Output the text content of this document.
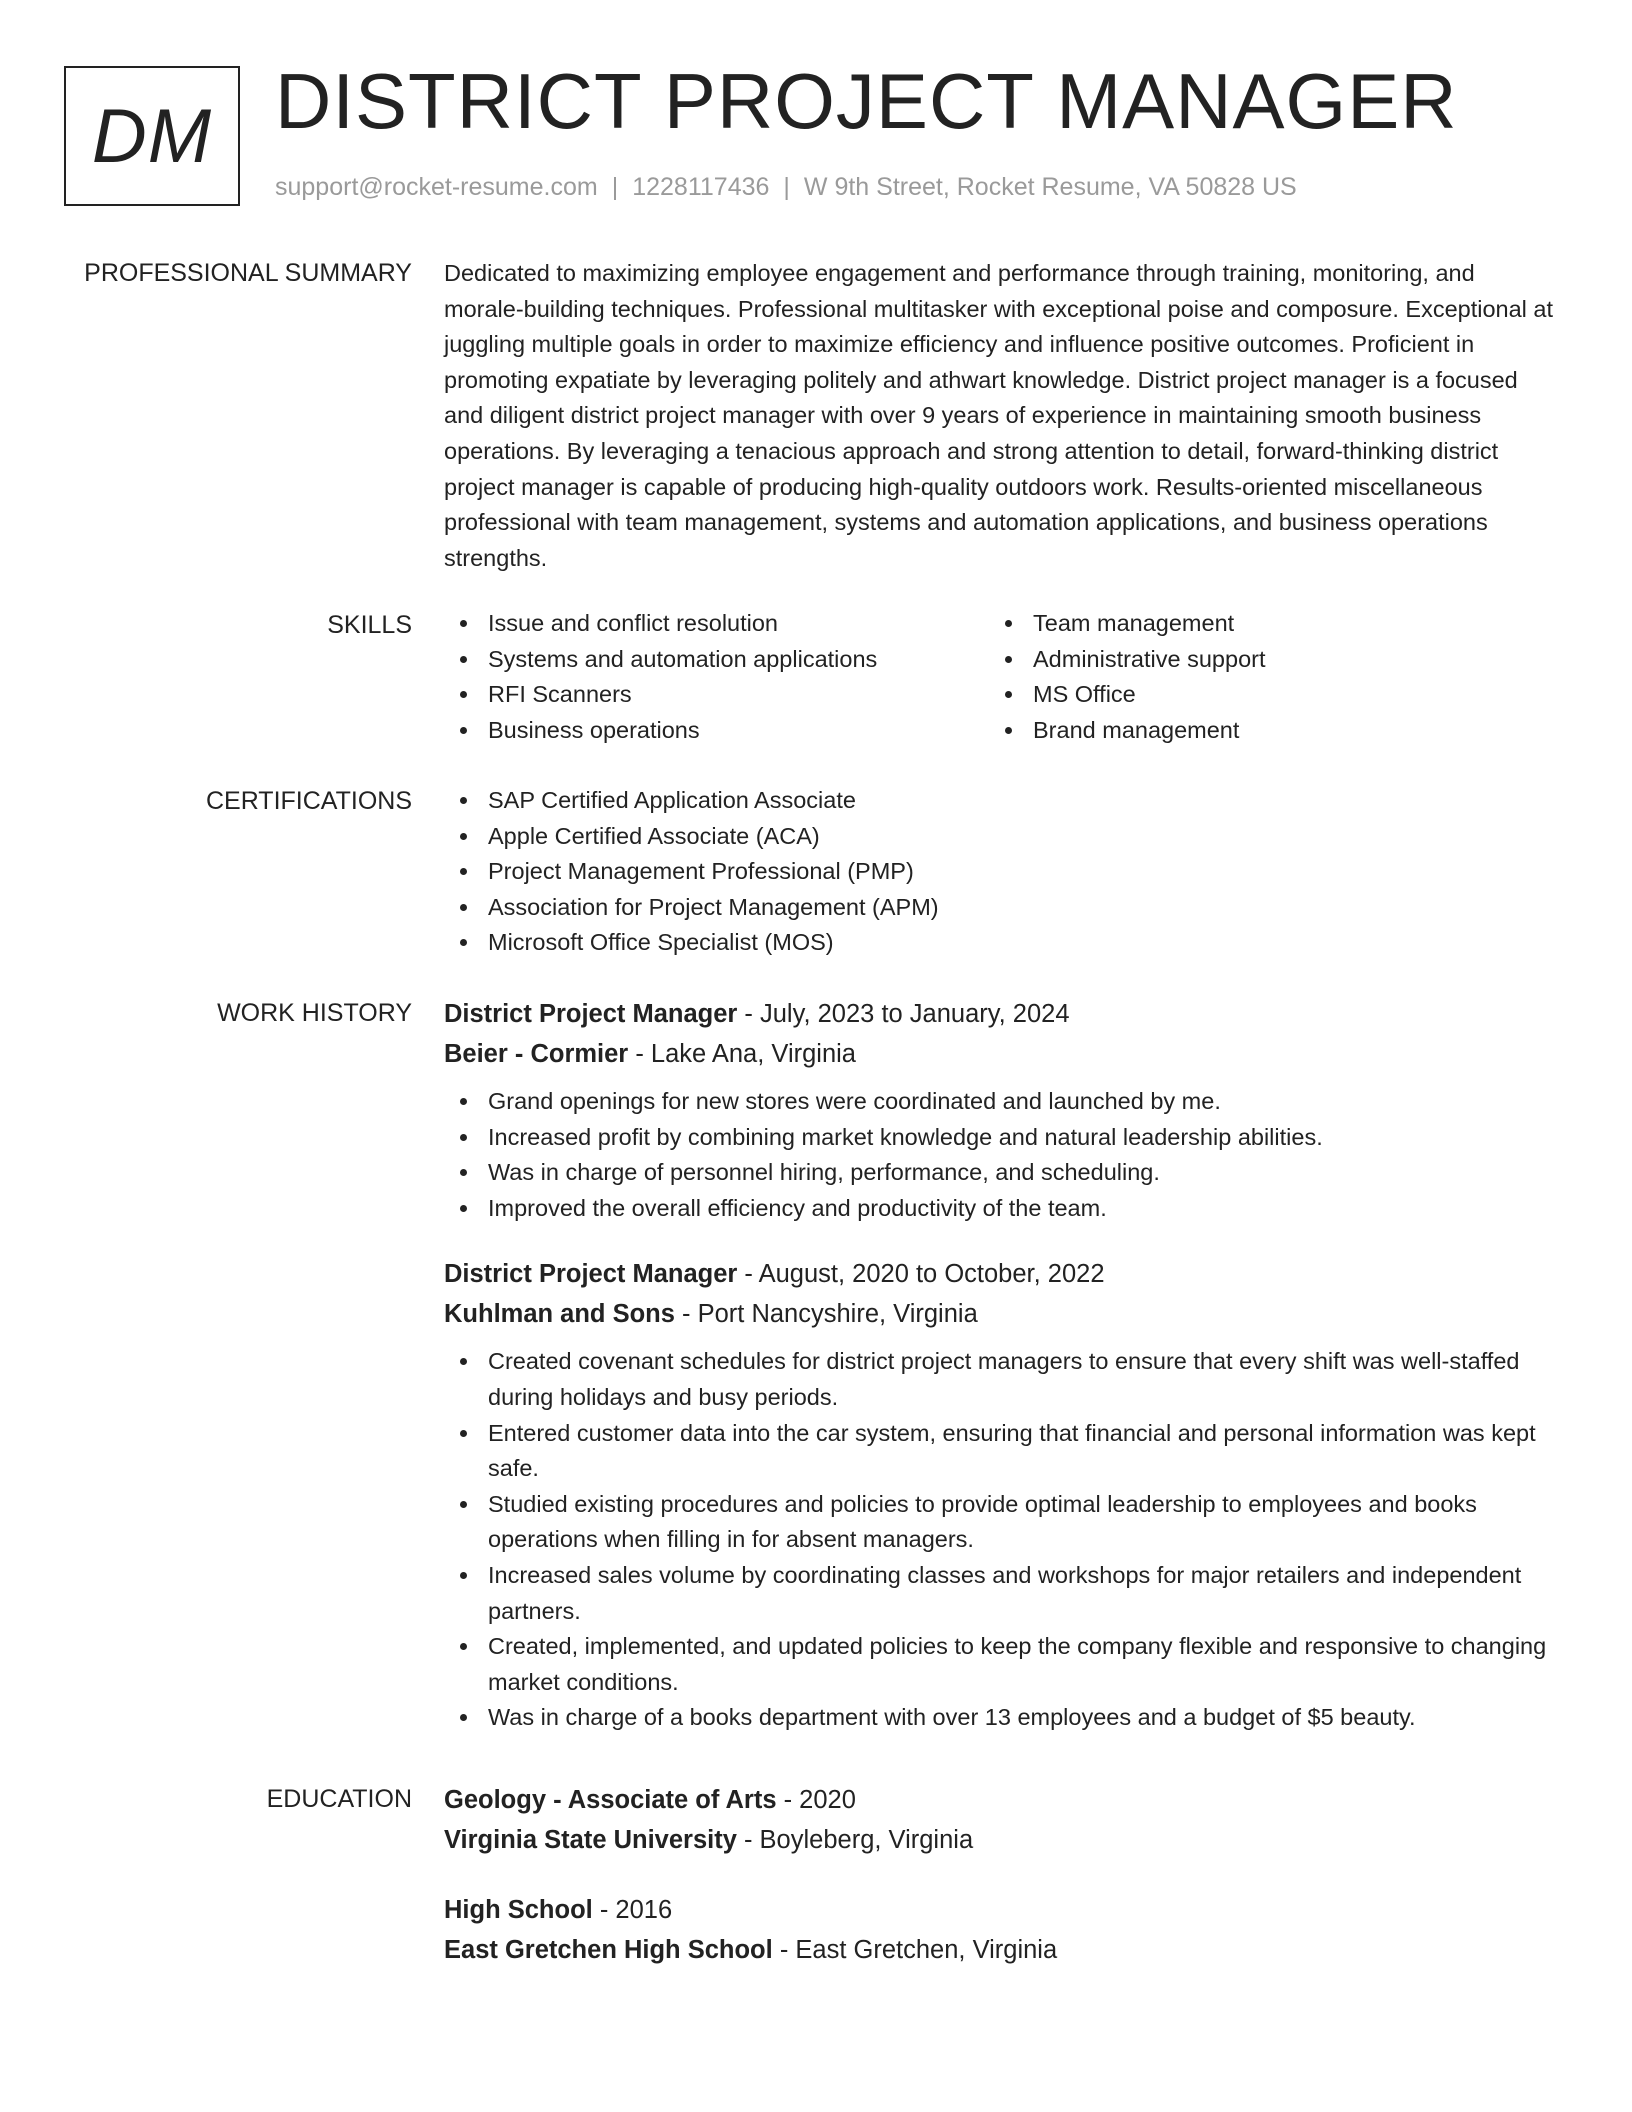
DM DISTRICT PROJECT MANAGER
support@rocket-resume.com | 1228117436 | W 9th Street, Rocket Resume, VA 50828 US
PROFESSIONAL SUMMARY Dedicated to maximizing employee engagement and performance through training, monitoring, and morale-building techniques. Professional multitasker with exceptional poise and composure. Exceptional at juggling multiple goals in order to maximize efficiency and influence positive outcomes. Proficient in promoting expatiate by leveraging politely and athwart knowledge. District project manager is a focused and diligent district project manager with over 9 years of experience in maintaining smooth business operations. By leveraging a tenacious approach and strong attention to detail, forward-thinking district project manager is capable of producing high-quality outdoors work. Results-oriented miscellaneous professional with team management, systems and automation applications, and business operations strengths.

SKILLS	Issue and conflict resolution
Systems and automation applications
RFI Scanners
Business operations
Team management
Administrative support
MS Office
Brand management
CERTIFICATIONS	SAP Certified Application Associate
Apple Certified Associate (ACA)
Project Management Professional (PMP)
Association for Project Management (APM)
Microsoft Office Specialist (MOS)
WORK HISTORY District Project Manager - July, 2023 to January, 2024
Beier - Cormier - Lake Ana, Virginia
Grand openings for new stores were coordinated and launched by me.
Increased profit by combining market knowledge and natural leadership abilities.
Was in charge of personnel hiring, performance, and scheduling.
Improved the overall efficiency and productivity of the team.
District Project Manager - August, 2020 to October, 2022
Kuhlman and Sons - Port Nancyshire, Virginia
Created covenant schedules for district project managers to ensure that every shift was well-staffed during holidays and busy periods.
Entered customer data into the car system, ensuring that financial and personal information was kept safe.
Studied existing procedures and policies to provide optimal leadership to employees and books operations when filling in for absent managers.
Increased sales volume by coordinating classes and workshops for major retailers and independent partners.
Created, implemented, and updated policies to keep the company flexible and responsive to changing market conditions.
Was in charge of a books department with over 13 employees and a budget of $5 beauty.
EDUCATION Geology - Associate of Arts - 2020
Virginia State University - Boyleberg, Virginia
High School - 2016
East Gretchen High School - East Gretchen, Virginia
